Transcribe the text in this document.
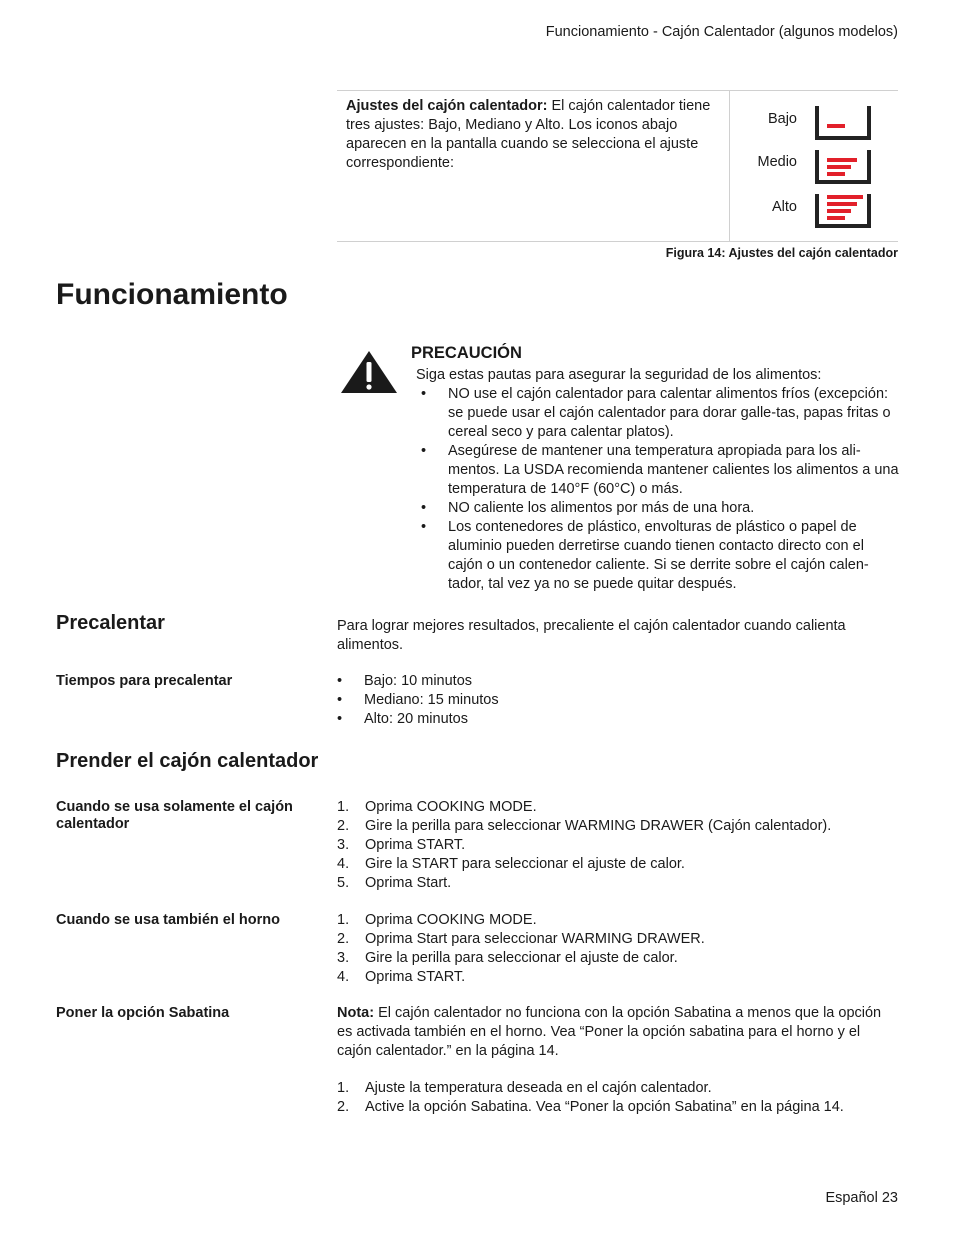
Funcionamiento - Cajón Calentador (algunos modelos)
Ajustes del cajón calentador: El cajón calentador tiene tres ajustes: Bajo, Mediano y Alto. Los iconos abajo aparecen en la pantalla cuando se selecciona el ajuste correspondiente:
Bajo
Medio
Alto
Figura 14: Ajustes del cajón calentador
Funcionamiento
PRECAUCIÓN
Siga estas pautas para asegurar la seguridad de los alimentos:
• NO use el cajón calentador para calentar alimentos fríos (excepción: se puede usar el cajón calentador para dorar galle-tas, papas fritas o cereal seco y para calentar platos).
• Asegúrese de mantener una temperatura apropiada para los ali-mentos. La USDA recomienda mantener calientes los alimentos a una temperatura de 140°F (60°C) o más.
• NO caliente los alimentos por más de una hora.
• Los contenedores de plástico, envolturas de plástico o papel de aluminio pueden derretirse cuando tienen contacto directo con el cajón o un contenedor caliente. Si se derrite sobre el cajón calen-tador, tal vez ya no se puede quitar después.
Precalentar	Para lograr mejores resultados, precaliente el cajón calentador cuando calienta alimentos.
Tiempos para precalentar	• Bajo: 10 minutos
• Mediano: 15 minutos
• Alto: 20 minutos
Prender el cajón calentador
Cuando se usa solamente el cajón calentador
1. Oprima COOKING MODE.
2. Gire la perilla para seleccionar WARMING DRAWER (Cajón calentador).
3. Oprima START.
4. Gire la START para seleccionar el ajuste de calor.
5. Oprima Start.
Cuando se usa también el horno	1. Oprima COOKING MODE.
2. Oprima Start para seleccionar WARMING DRAWER.
3. Gire la perilla para seleccionar el ajuste de calor.
4. Oprima START.
Poner la opción Sabatina	Nota: El cajón calentador no funciona con la opción Sabatina a menos que la opción es activada también en el horno. Vea “Poner la opción sabatina para el horno y el cajón calentador.” en la página 14.
1. Ajuste la temperatura deseada en el cajón calentador.
2. Active la opción Sabatina. Vea “Poner la opción Sabatina” en la página 14.
Español 23
